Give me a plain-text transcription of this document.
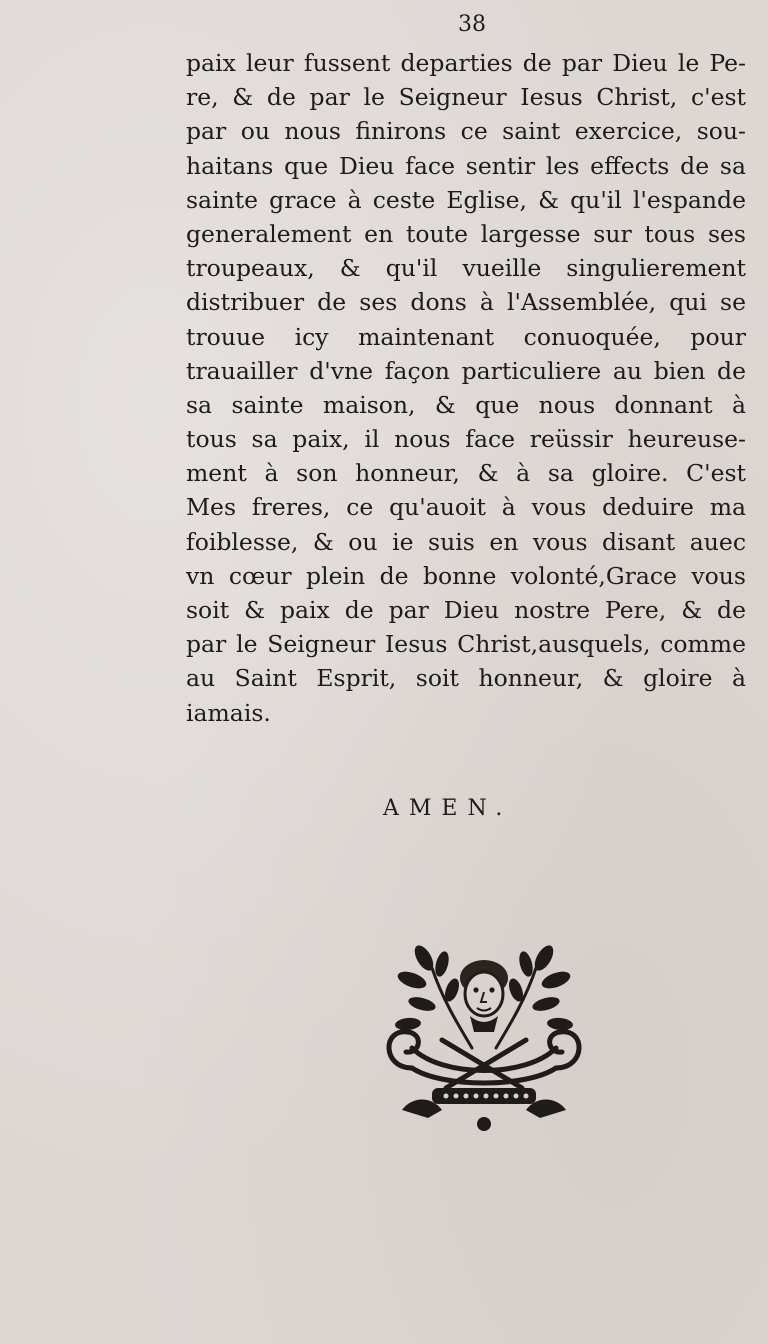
38
paix leur fussent departies de par Dieu le Pe-
re, & de par le Seigneur Iesus Christ, c'est
par ou nous finirons ce saint exercice, sou-
haitans que Dieu face sentir les effects de sa
sainte grace à ceste Eglise, & qu'il l'espande
generalement en toute largesse sur tous ses
troupeaux, & qu'il vueille singulierement
distribuer de ses dons à l'Assemblée, qui se
trouue icy maintenant conuoquée, pour
trauailler d'vne façon particuliere au bien de
sa sainte maison, & que nous donnant à
tous sa paix, il nous face reüssir heureuse-
ment à son honneur, & à sa gloire. C'est
Mes freres, ce qu'auoit à vous deduire ma
foiblesse, & ou ie suis en vous disant auec
vn cœur plein de bonne volonté,Grace vous
soit & paix de par Dieu nostre Pere, & de
par le Seigneur Iesus Christ,ausquels, comme
au Saint Esprit, soit honneur, & gloire à
iamais.
AMEN.
